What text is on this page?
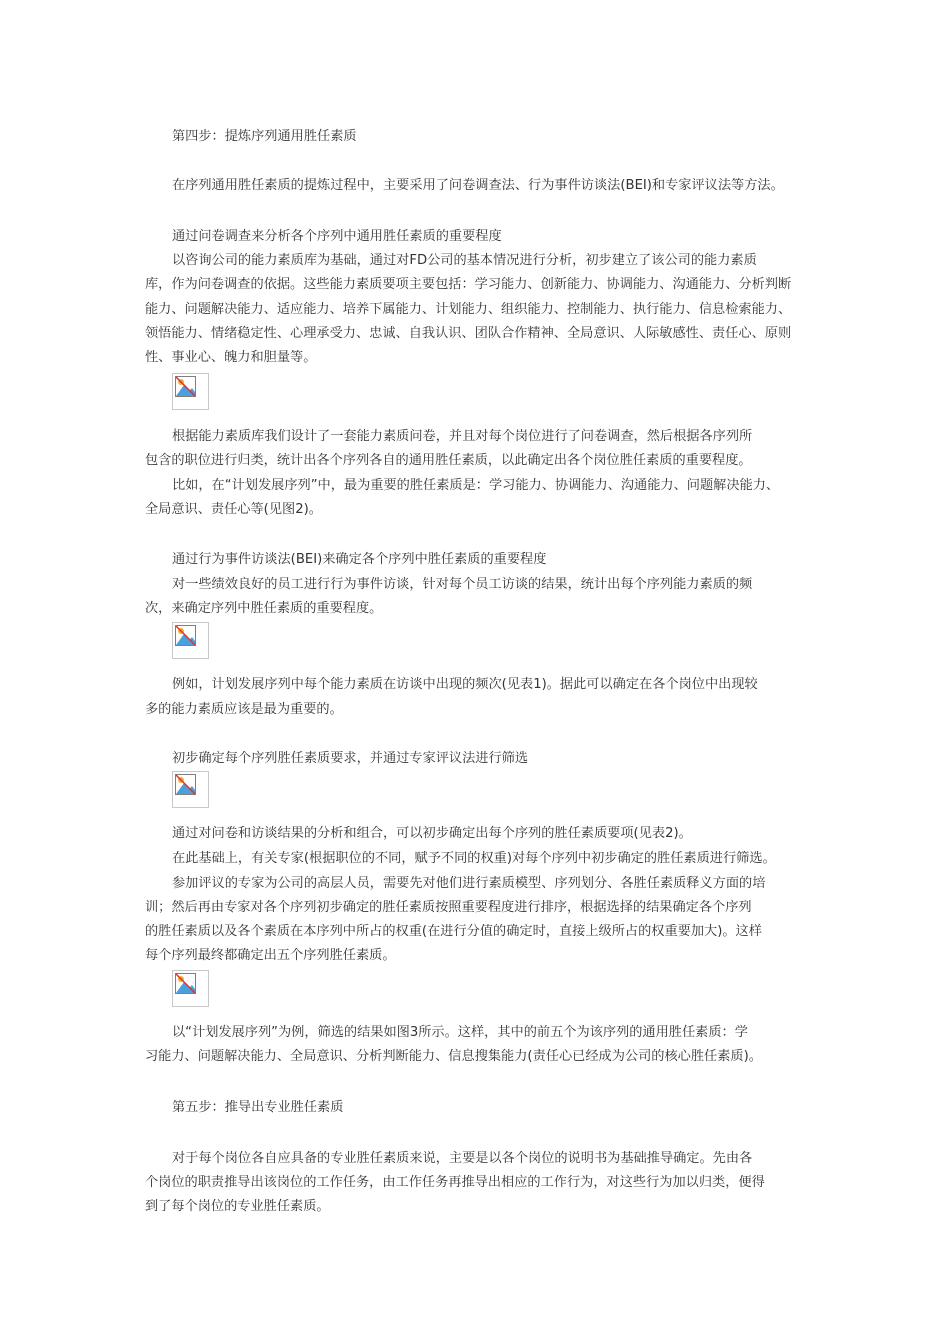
第四步：提炼序列通用胜任素质
在序列通用胜任素质的提炼过程中，主要采用了问卷调查法、行为事件访谈法(BEI)和专家评议法等方法。
通过问卷调查来分析各个序列中通用胜任素质的重要程度
以咨询公司的能力素质库为基础，通过对FD公司的基本情况进行分析，初步建立了该公司的能力素质
库，作为问卷调查的依据。这些能力素质要项主要包括：学习能力、创新能力、协调能力、沟通能力、分析判断
能力、问题解决能力、适应能力、培养下属能力、计划能力、组织能力、控制能力、执行能力、信息检索能力、
领悟能力、情绪稳定性、心理承受力、忠诚、自我认识、团队合作精神、全局意识、人际敏感性、责任心、原则
性、事业心、魄力和胆量等。
根据能力素质库我们设计了一套能力素质问卷，并且对每个岗位进行了问卷调查，然后根据各序列所
包含的职位进行归类，统计出各个序列各自的通用胜任素质，以此确定出各个岗位胜任素质的重要程度。
比如，在“计划发展序列”中，最为重要的胜任素质是：学习能力、协调能力、沟通能力、问题解决能力、
全局意识、责任心等(见图2)。
通过行为事件访谈法(BEI)来确定各个序列中胜任素质的重要程度
对一些绩效良好的员工进行行为事件访谈，针对每个员工访谈的结果，统计出每个序列能力素质的频
次，来确定序列中胜任素质的重要程度。
例如，计划发展序列中每个能力素质在访谈中出现的频次(见表1)。据此可以确定在各个岗位中出现较
多的能力素质应该是最为重要的。
初步确定每个序列胜任素质要求，并通过专家评议法进行筛选
通过对问卷和访谈结果的分析和组合，可以初步确定出每个序列的胜任素质要项(见表2)。
在此基础上，有关专家(根据职位的不同，赋予不同的权重)对每个序列中初步确定的胜任素质进行筛选。
参加评议的专家为公司的高层人员，需要先对他们进行素质模型、序列划分、各胜任素质释义方面的培
训；然后再由专家对各个序列初步确定的胜任素质按照重要程度进行排序，根据选择的结果确定各个序列
的胜任素质以及各个素质在本序列中所占的权重(在进行分值的确定时，直接上级所占的权重要加大)。这样
每个序列最终都确定出五个序列胜任素质。
以“计划发展序列”为例，筛选的结果如图3所示。这样，其中的前五个为该序列的通用胜任素质：学
习能力、问题解决能力、全局意识、分析判断能力、信息搜集能力(责任心已经成为公司的核心胜任素质)。
第五步：推导出专业胜任素质
对于每个岗位各自应具备的专业胜任素质来说，主要是以各个岗位的说明书为基础推导确定。先由各
个岗位的职责推导出该岗位的工作任务，由工作任务再推导出相应的工作行为，对这些行为加以归类，便得
到了每个岗位的专业胜任素质。
